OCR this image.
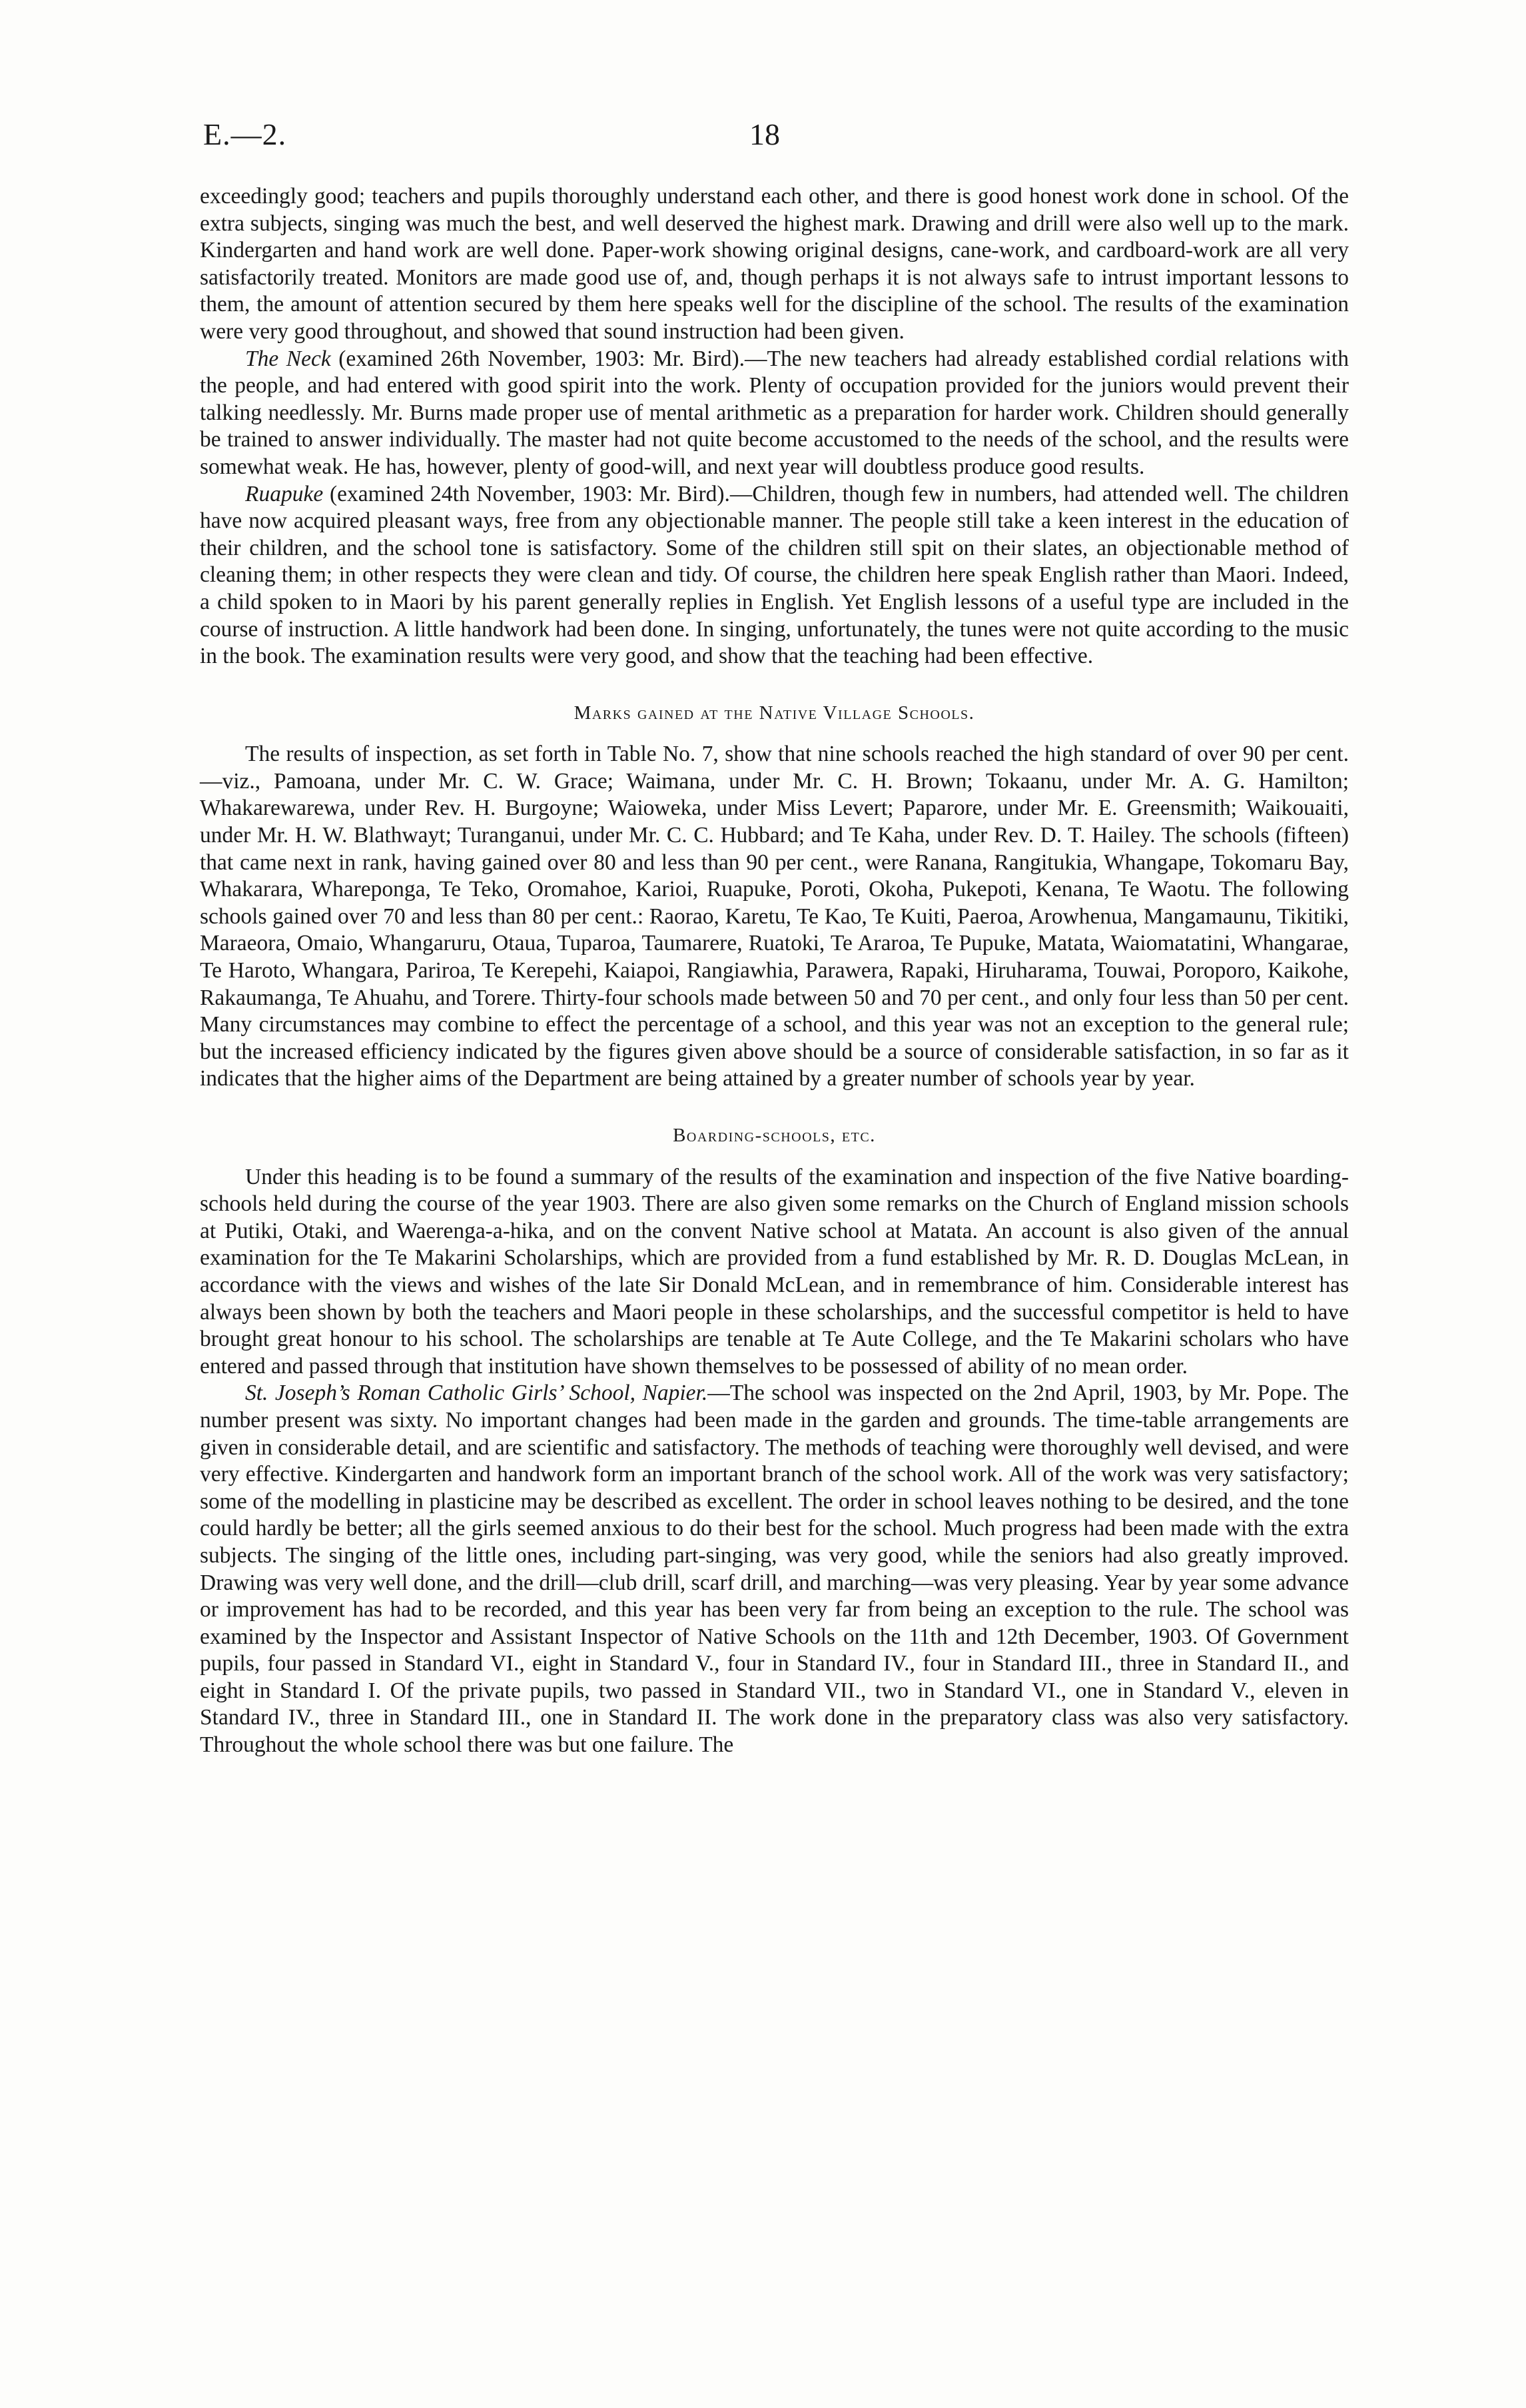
E.—2.	18

exceedingly good; teachers and pupils thoroughly understand each other, and there is good honest work done in school. Of the extra subjects, singing was much the best, and well deserved the highest mark. Drawing and drill were also well up to the mark. Kindergarten and hand work are well done. Paper-work showing original designs, cane-work, and cardboard-work are all very satisfactorily treated. Monitors are made good use of, and, though perhaps it is not always safe to intrust important lessons to them, the amount of attention secured by them here speaks well for the discipline of the school. The results of the examination were very good throughout, and showed that sound instruction had been given.

The Neck (examined 26th November, 1903: Mr. Bird).—The new teachers had already established cordial relations with the people, and had entered with good spirit into the work. Plenty of occupation provided for the juniors would prevent their talking needlessly. Mr. Burns made proper use of mental arithmetic as a preparation for harder work. Children should generally be trained to answer individually. The master had not quite become accustomed to the needs of the school, and the results were somewhat weak. He has, however, plenty of good-will, and next year will doubtless produce good results.

Ruapuke (examined 24th November, 1903: Mr. Bird).—Children, though few in numbers, had attended well. The children have now acquired pleasant ways, free from any objectionable manner. The people still take a keen interest in the education of their children, and the school tone is satisfactory. Some of the children still spit on their slates, an objectionable method of cleaning them; in other respects they were clean and tidy. Of course, the children here speak English rather than Maori. Indeed, a child spoken to in Maori by his parent generally replies in English. Yet English lessons of a useful type are included in the course of instruction. A little handwork had been done. In singing, unfortunately, the tunes were not quite according to the music in the book. The examination results were very good, and show that the teaching had been effective.

Marks gained at the Native Village Schools.

The results of inspection, as set forth in Table No. 7, show that nine schools reached the high standard of over 90 per cent.—viz., Pamoana, under Mr. C. W. Grace; Waimana, under Mr. C. H. Brown; Tokaanu, under Mr. A. G. Hamilton; Whakarewarewa, under Rev. H. Burgoyne; Waioweka, under Miss Levert; Paparore, under Mr. E. Greensmith; Waikouaiti, under Mr. H. W. Blathwayt; Turanganui, under Mr. C. C. Hubbard; and Te Kaha, under Rev. D. T. Hailey. The schools (fifteen) that came next in rank, having gained over 80 and less than 90 per cent., were Ranana, Rangitukia, Whangape, Tokomaru Bay, Whakarara, Whareponga, Te Teko, Oromahoe, Karioi, Ruapuke, Poroti, Okoha, Pukepoti, Kenana, Te Waotu. The following schools gained over 70 and less than 80 per cent.: Raorao, Karetu, Te Kao, Te Kuiti, Paeroa, Arowhenua, Mangamaunu, Tikitiki, Maraeora, Omaio, Whangaruru, Otaua, Tuparoa, Taumarere, Ruatoki, Te Araroa, Te Pupuke, Matata, Waiomatatini, Whangarae, Te Haroto, Whangara, Pariroa, Te Kerepehi, Kaiapoi, Rangiawhia, Parawera, Rapaki, Hiruharama, Touwai, Poroporo, Kaikohe, Rakaumanga, Te Ahuahu, and Torere. Thirty-four schools made between 50 and 70 per cent., and only four less than 50 per cent. Many circumstances may combine to effect the percentage of a school, and this year was not an exception to the general rule; but the increased efficiency indicated by the figures given above should be a source of considerable satisfaction, in so far as it indicates that the higher aims of the Department are being attained by a greater number of schools year by year.

Boarding-schools, etc.

Under this heading is to be found a summary of the results of the examination and inspection of the five Native boarding-schools held during the course of the year 1903. There are also given some remarks on the Church of England mission schools at Putiki, Otaki, and Waerenga-a-hika, and on the convent Native school at Matata. An account is also given of the annual examination for the Te Makarini Scholarships, which are provided from a fund established by Mr. R. D. Douglas McLean, in accordance with the views and wishes of the late Sir Donald McLean, and in remembrance of him. Considerable interest has always been shown by both the teachers and Maori people in these scholarships, and the successful competitor is held to have brought great honour to his school. The scholarships are tenable at Te Aute College, and the Te Makarini scholars who have entered and passed through that institution have shown themselves to be possessed of ability of no mean order.

St. Joseph’s Roman Catholic Girls’ School, Napier.—The school was inspected on the 2nd April, 1903, by Mr. Pope. The number present was sixty. No important changes had been made in the garden and grounds. The time-table arrangements are given in considerable detail, and are scientific and satisfactory. The methods of teaching were thoroughly well devised, and were very effective. Kindergarten and handwork form an important branch of the school work. All of the work was very satisfactory; some of the modelling in plasticine may be described as excellent. The order in school leaves nothing to be desired, and the tone could hardly be better; all the girls seemed anxious to do their best for the school. Much progress had been made with the extra subjects. The singing of the little ones, including part-singing, was very good, while the seniors had also greatly improved. Drawing was very well done, and the drill—club drill, scarf drill, and marching—was very pleasing. Year by year some advance or improvement has had to be recorded, and this year has been very far from being an exception to the rule. The school was examined by the Inspector and Assistant Inspector of Native Schools on the 11th and 12th December, 1903. Of Government pupils, four passed in Standard VI., eight in Standard V., four in Standard IV., four in Standard III., three in Standard II., and eight in Standard I. Of the private pupils, two passed in Standard VII., two in Standard VI., one in Standard V., eleven in Standard IV., three in Standard III., one in Standard II. The work done in the preparatory class was also very satisfactory. Throughout the whole school there was but one failure. The
